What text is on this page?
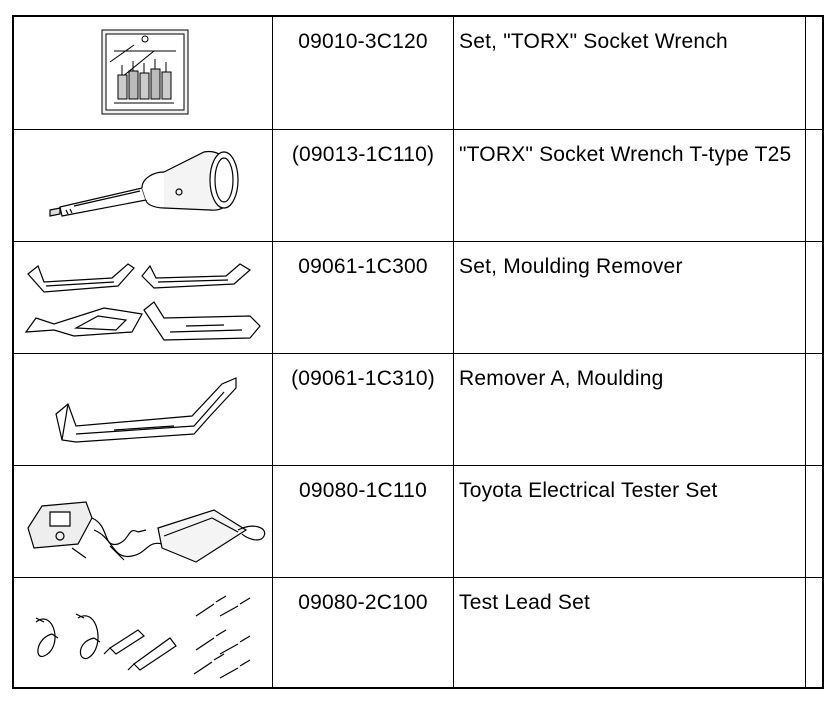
09010-3C120	Set, "TORX" Socket Wrench
(09013-1C110)	"TORX" Socket Wrench T-type T25
09061-1C300	Set, Moulding Remover
(09061-1C310)	Remover A, Moulding
09080-1C110	Toyota Electrical Tester Set
09080-2C100	Test Lead Set
